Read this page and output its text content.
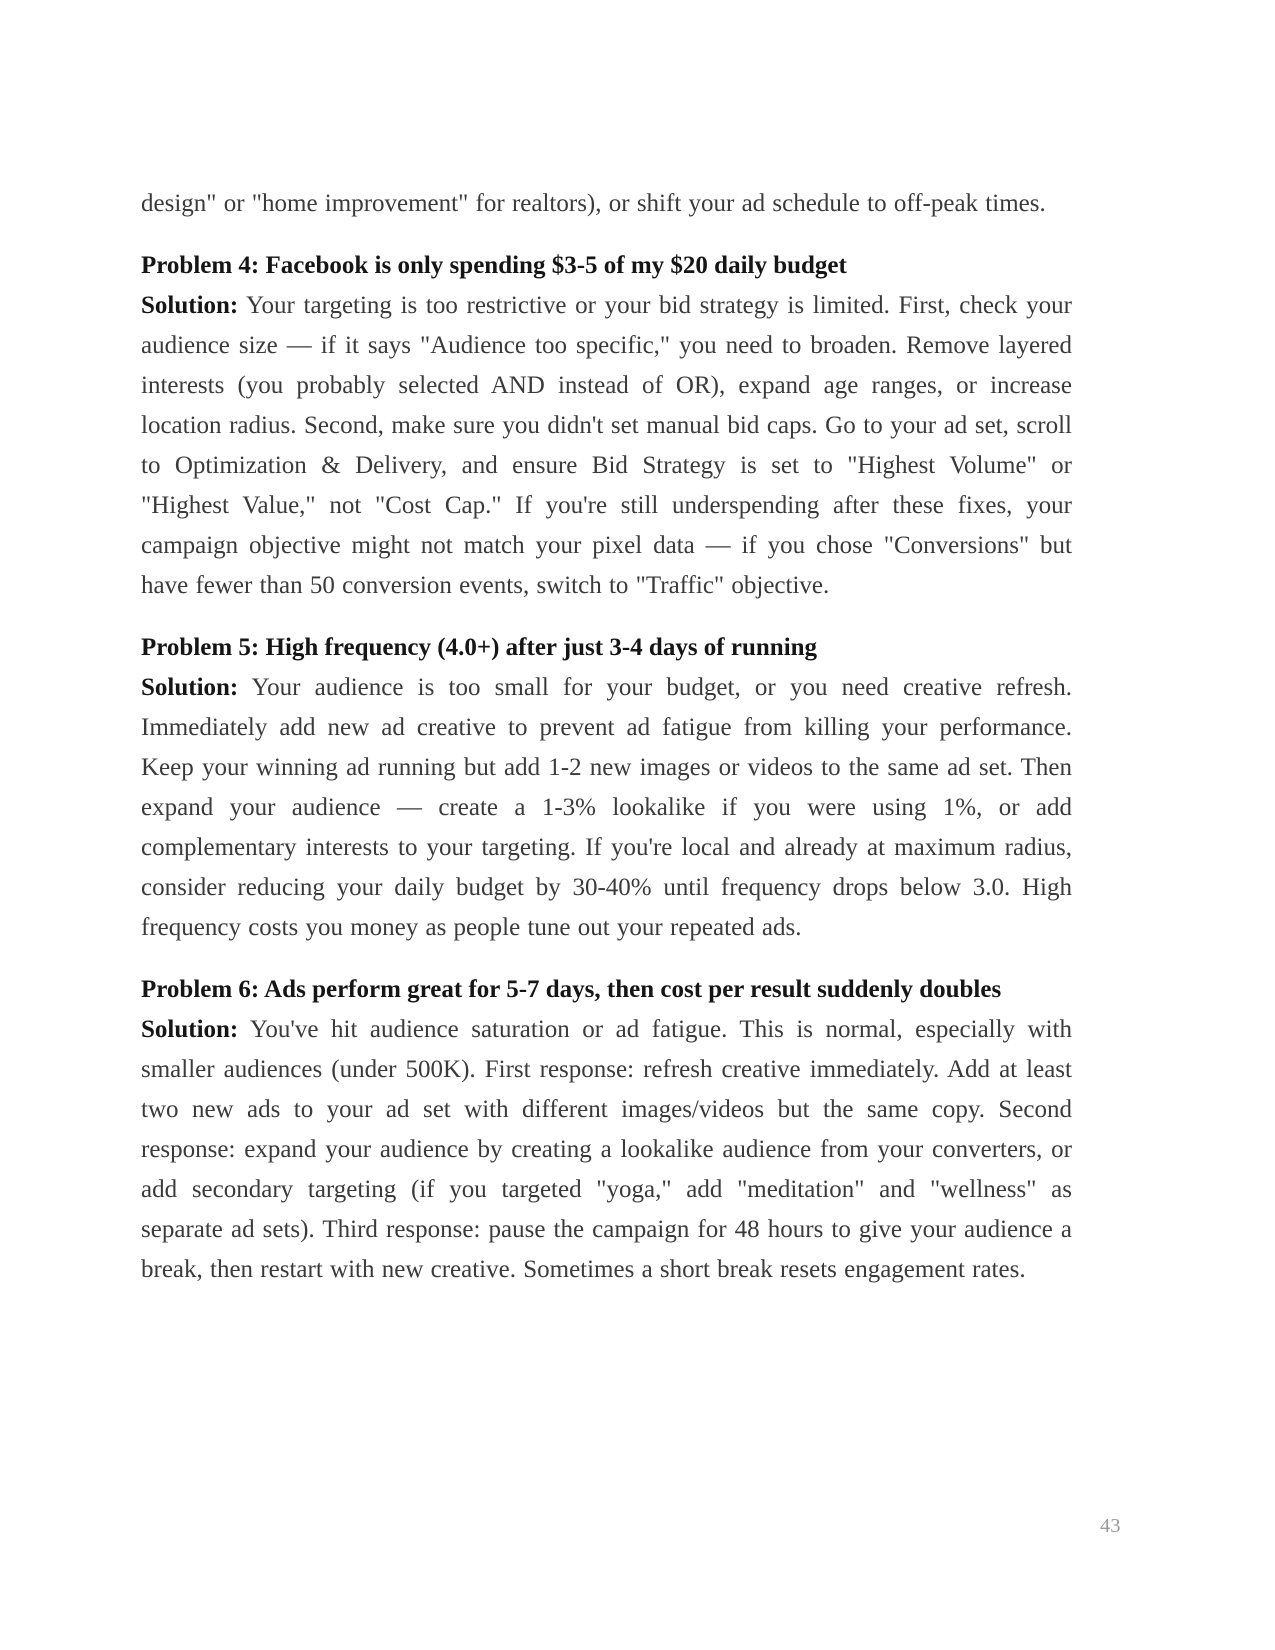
design" or "home improvement" for realtors), or shift your ad schedule to off-peak times.

Problem 4: Facebook is only spending $3-5 of my $20 daily budget

Solution: Your targeting is too restrictive or your bid strategy is limited. First, check your audience size — if it says "Audience too specific," you need to broaden. Remove layered interests (you probably selected AND instead of OR), expand age ranges, or increase location radius. Second, make sure you didn't set manual bid caps. Go to your ad set, scroll to Optimization & Delivery, and ensure Bid Strategy is set to "Highest Volume" or "Highest Value," not "Cost Cap." If you're still underspending after these fixes, your campaign objective might not match your pixel data — if you chose "Conversions" but have fewer than 50 conversion events, switch to "Traffic" objective.

Problem 5: High frequency (4.0+) after just 3-4 days of running

Solution: Your audience is too small for your budget, or you need creative refresh. Immediately add new ad creative to prevent ad fatigue from killing your performance. Keep your winning ad running but add 1-2 new images or videos to the same ad set. Then expand your audience — create a 1-3% lookalike if you were using 1%, or add complementary interests to your targeting. If you're local and already at maximum radius, consider reducing your daily budget by 30-40% until frequency drops below 3.0. High frequency costs you money as people tune out your repeated ads.

Problem 6: Ads perform great for 5-7 days, then cost per result suddenly doubles

Solution: You've hit audience saturation or ad fatigue. This is normal, especially with smaller audiences (under 500K). First response: refresh creative immediately. Add at least two new ads to your ad set with different images/videos but the same copy. Second response: expand your audience by creating a lookalike audience from your converters, or add secondary targeting (if you targeted "yoga," add "meditation" and "wellness" as separate ad sets). Third response: pause the campaign for 48 hours to give your audience a break, then restart with new creative. Sometimes a short break resets engagement rates.

43
